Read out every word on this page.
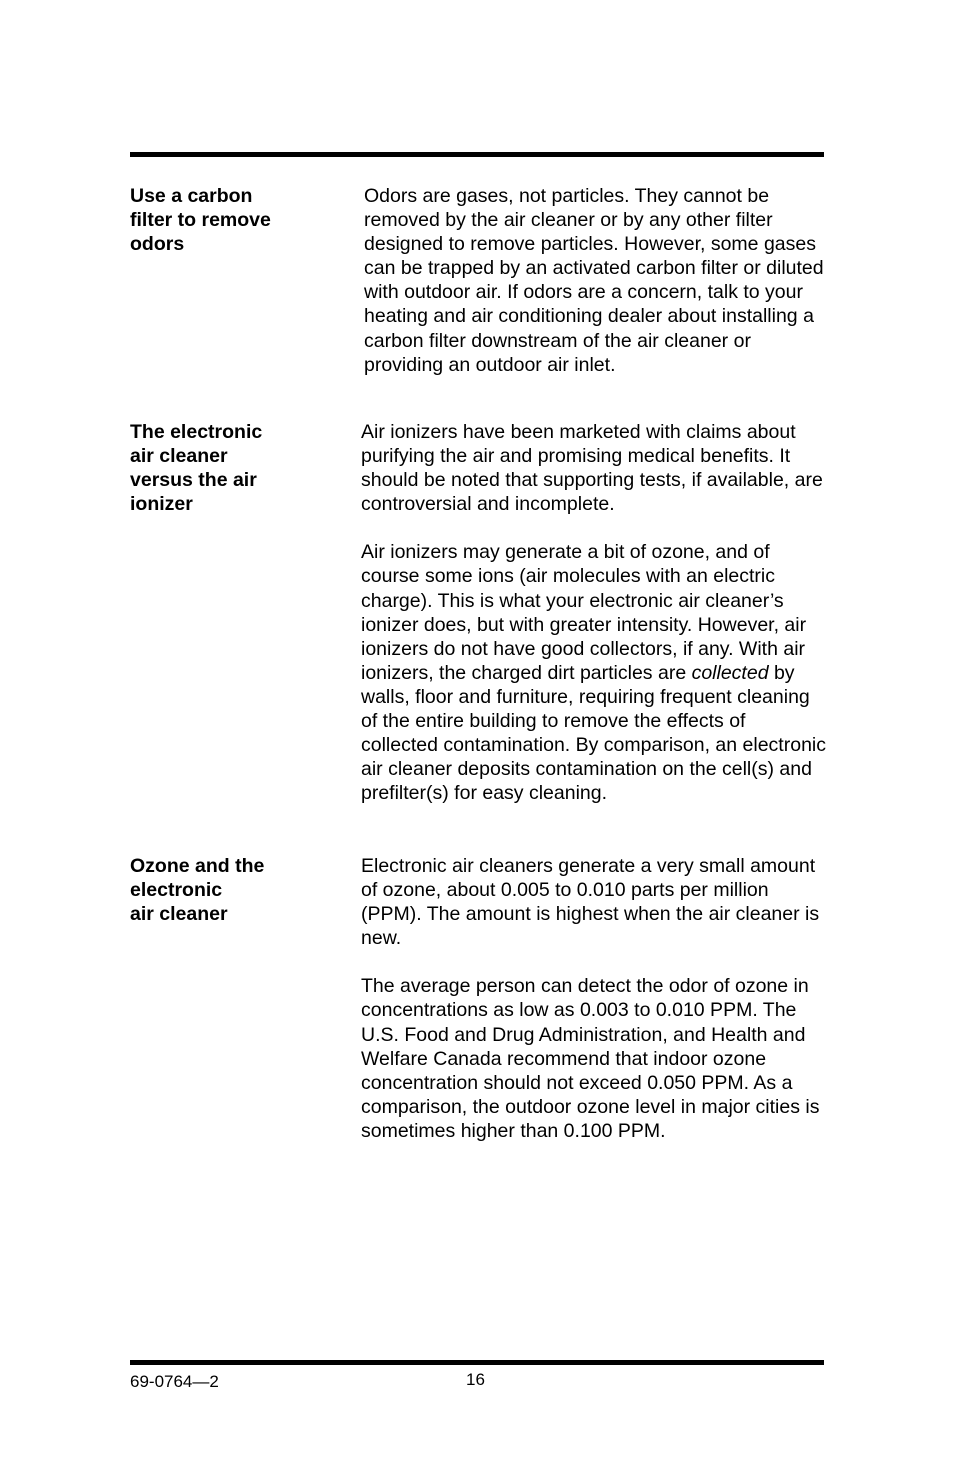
Use a carbon
filter to remove
odors

Odors are gases, not particles. They cannot be removed by the air cleaner or by any other filter designed to remove particles. However, some gases can be trapped by an activated carbon filter or diluted with outdoor air. If odors are a concern, talk to your heating and air conditioning dealer about installing a carbon filter downstream of the air cleaner or providing an outdoor air inlet.

The electronic
air cleaner
versus the air
ionizer

Air ionizers have been marketed with claims about purifying the air and promising medical benefits. It should be noted that supporting tests, if available, are controversial and incomplete.

Air ionizers may generate a bit of ozone, and of course some ions (air molecules with an electric charge). This is what your electronic air cleaner’s ionizer does, but with greater intensity. However, air ionizers do not have good collectors, if any. With air ionizers, the charged dirt particles are collected by walls, floor and furniture, requiring frequent cleaning of the entire building to remove the effects of collected contamination. By comparison, an electronic air cleaner deposits contamination on the cell(s) and prefilter(s) for easy cleaning.

Ozone and the
electronic
air cleaner

Electronic air cleaners generate a very small amount of ozone, about 0.005 to 0.010 parts per million (PPM). The amount is highest when the air cleaner is new.

The average person can detect the odor of ozone in concentrations as low as 0.003 to 0.010 PPM. The U.S. Food and Drug Administration, and Health and Welfare Canada recommend that indoor ozone concentration should not exceed 0.050 PPM. As a comparison, the outdoor ozone level in major cities is sometimes higher than 0.100 PPM.

69-0764—2	16
